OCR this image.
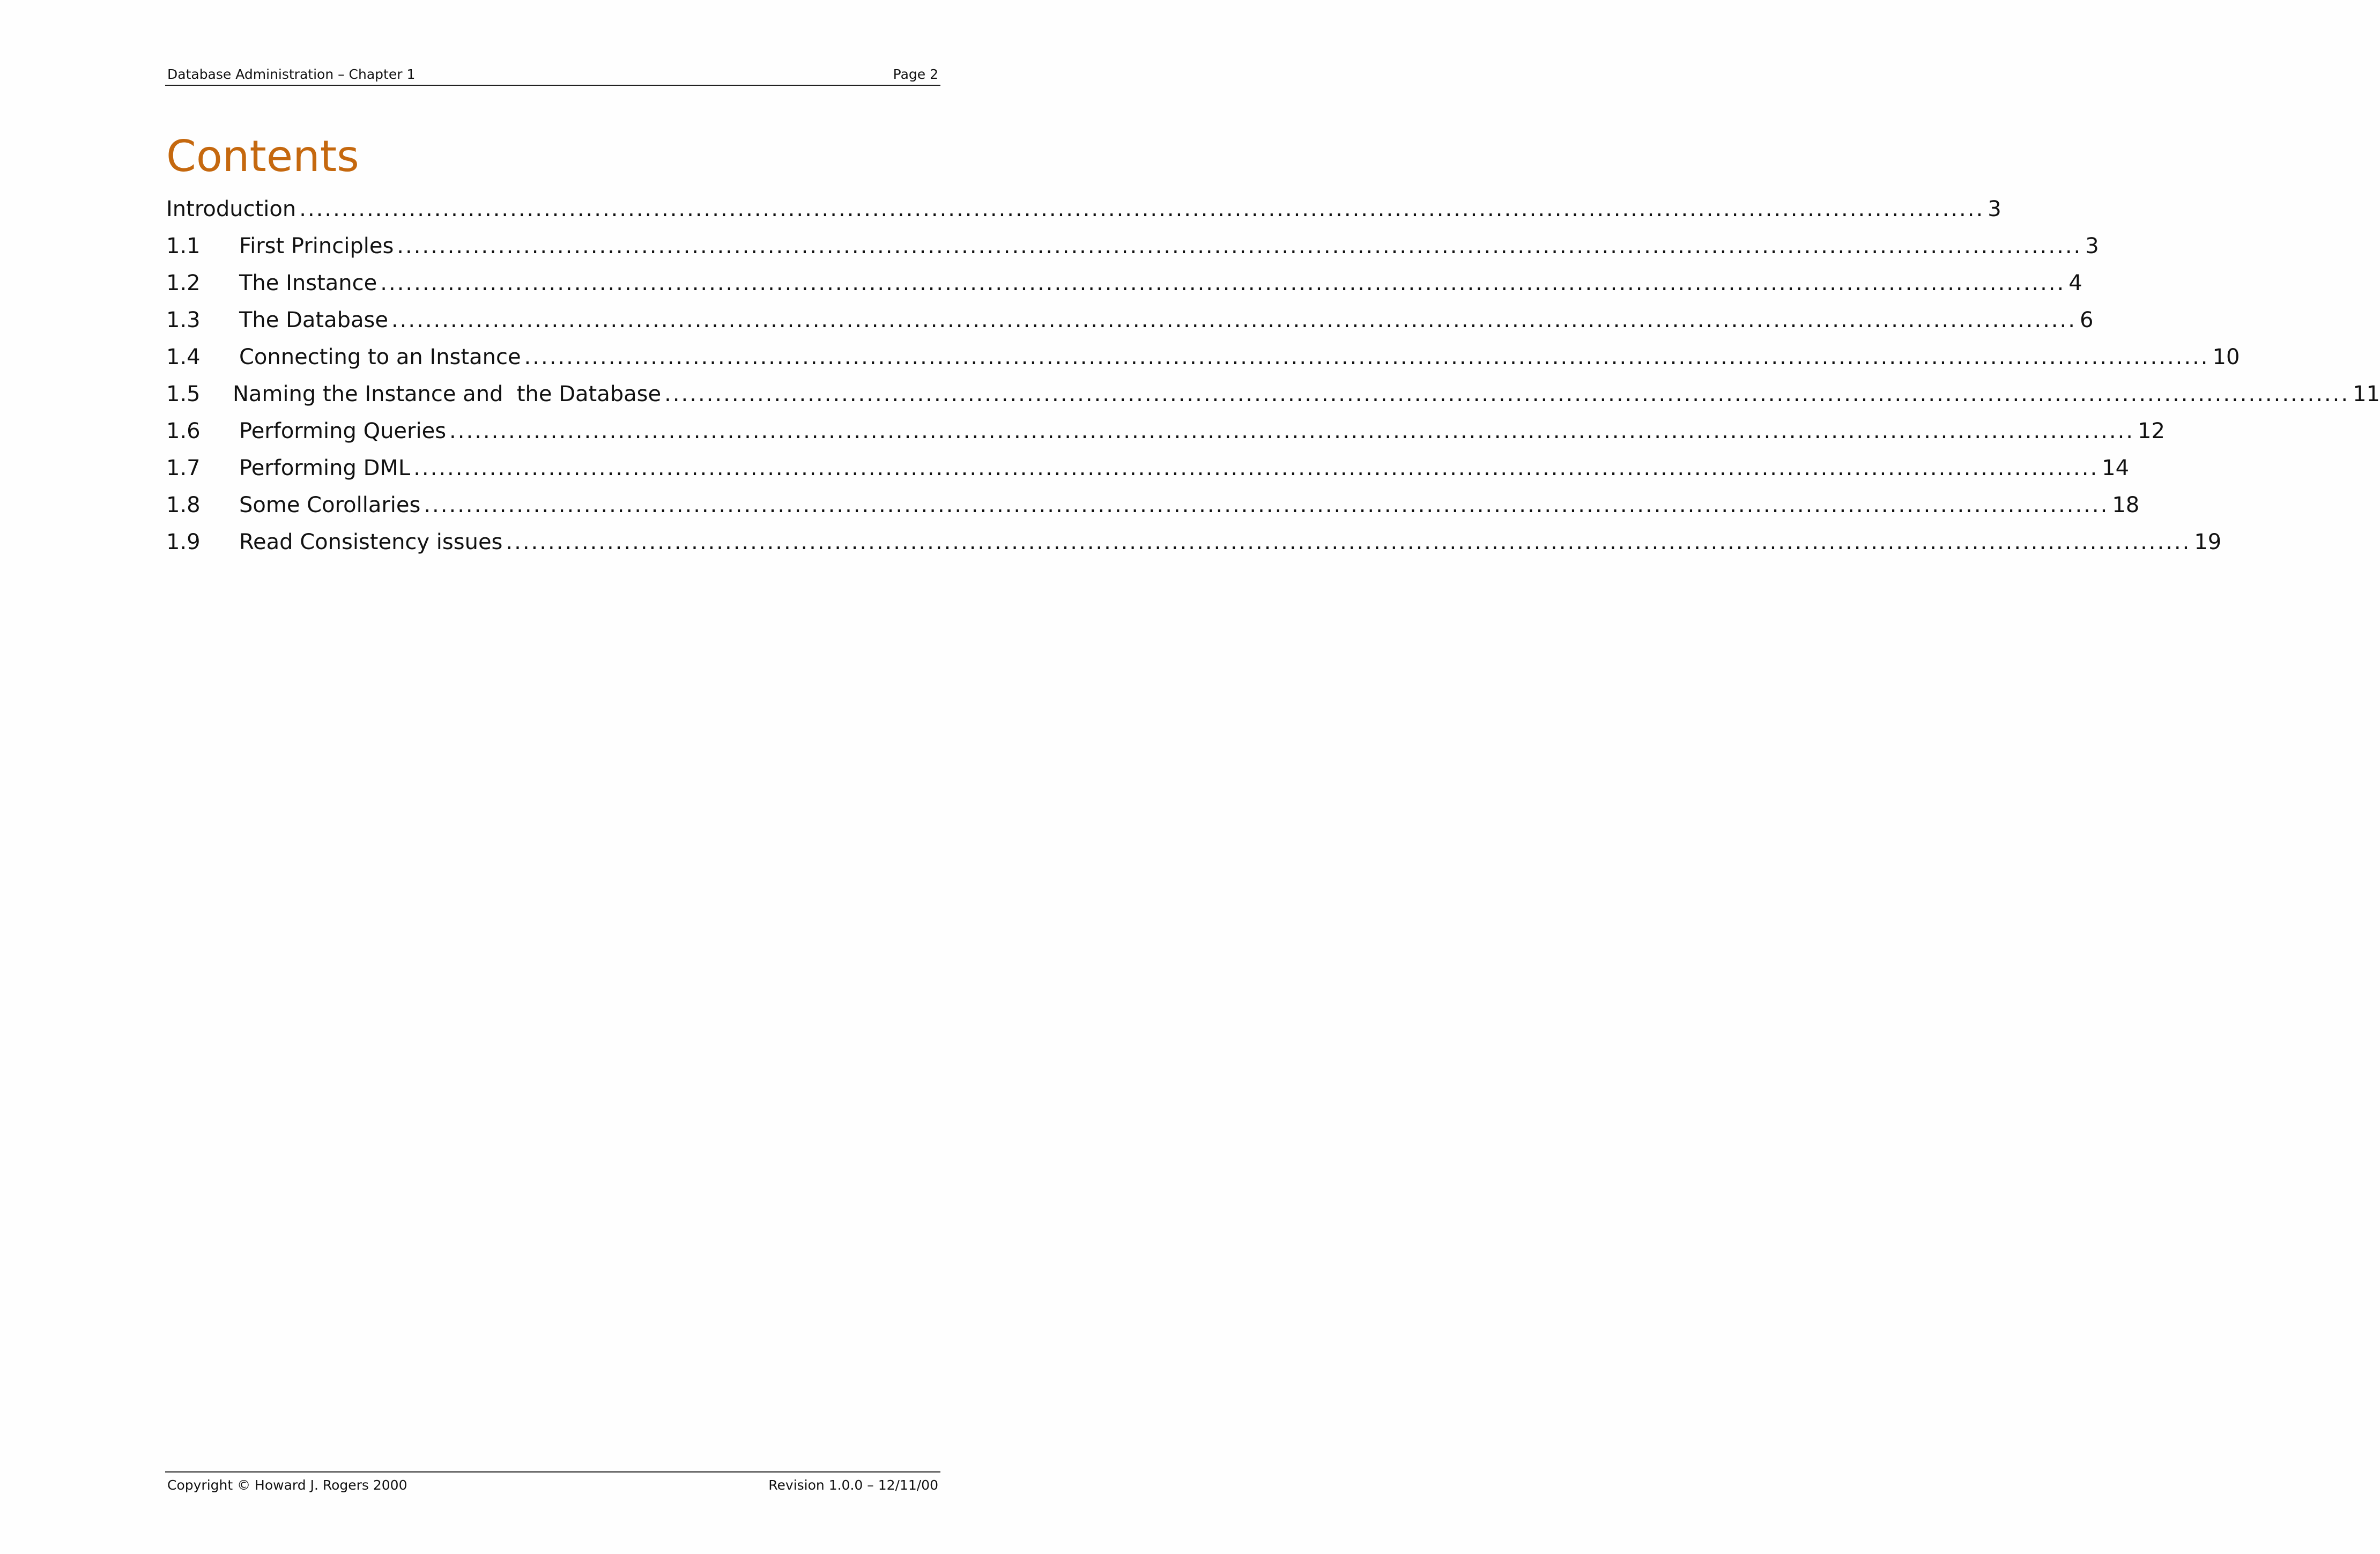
Database Administration – Chapter 1	Page 2
Contents
Introduction ........................................................................................................................................................................................................ 3
1.1	First Principles ........................................................................................................................................................................................................ 3
1.2	The Instance ........................................................................................................................................................................................................ 4
1.3	The Database ........................................................................................................................................................................................................ 6
1.4	Connecting to an Instance ........................................................................................................................................................................................................ 10
1.5	Naming the Instance and  the Database ........................................................................................................................................................................................................ 11
1.6	Performing Queries ........................................................................................................................................................................................................ 12
1.7	Performing DML ........................................................................................................................................................................................................ 14
1.8	Some Corollaries ........................................................................................................................................................................................................ 18
1.9	Read Consistency issues ........................................................................................................................................................................................................ 19
Copyright © Howard J. Rogers 2000	Revision 1.0.0 – 12/11/00
